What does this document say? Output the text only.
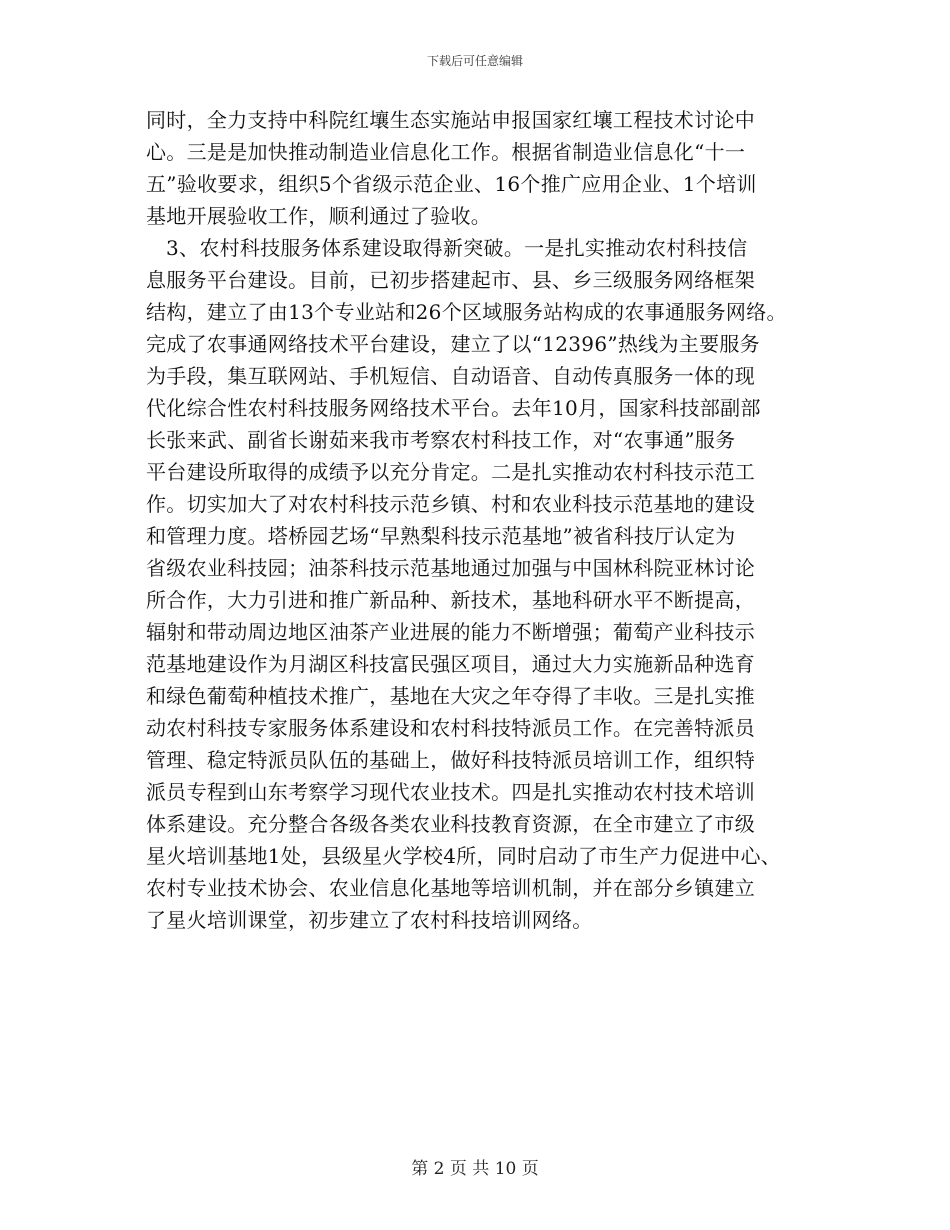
下载后可任意编辑
同时，全力支持中科院红壤生态实施站申报国家红壤工程技术讨论中
心。三是是加快推动制造业信息化工作。根据省制造业信息化“十一
五”验收要求，组织5个省级示范企业、16个推广应用企业、1个培训
基地开展验收工作，顺利通过了验收。
3、农村科技服务体系建设取得新突破。一是扎实推动农村科技信
息服务平台建设。目前，已初步搭建起市、县、乡三级服务网络框架
结构，建立了由13个专业站和26个区域服务站构成的农事通服务网络。
完成了农事通网络技术平台建设，建立了以“12396”热线为主要服务
为手段，集互联网站、手机短信、自动语音、自动传真服务一体的现
代化综合性农村科技服务网络技术平台。去年10月，国家科技部副部
长张来武、副省长谢茹来我市考察农村科技工作，对“农事通”服务
平台建设所取得的成绩予以充分肯定。二是扎实推动农村科技示范工
作。切实加大了对农村科技示范乡镇、村和农业科技示范基地的建设
和管理力度。塔桥园艺场“早熟梨科技示范基地”被省科技厅认定为
省级农业科技园；油茶科技示范基地通过加强与中国林科院亚林讨论
所合作，大力引进和推广新品种、新技术，基地科研水平不断提高，
辐射和带动周边地区油茶产业进展的能力不断增强；葡萄产业科技示
范基地建设作为月湖区科技富民强区项目，通过大力实施新品种选育
和绿色葡萄种植技术推广，基地在大灾之年夺得了丰收。三是扎实推
动农村科技专家服务体系建设和农村科技特派员工作。在完善特派员
管理、稳定特派员队伍的基础上，做好科技特派员培训工作，组织特
派员专程到山东考察学习现代农业技术。四是扎实推动农村技术培训
体系建设。充分整合各级各类农业科技教育资源，在全市建立了市级
星火培训基地1处，县级星火学校4所，同时启动了市生产力促进中心、
农村专业技术协会、农业信息化基地等培训机制，并在部分乡镇建立
了星火培训课堂，初步建立了农村科技培训网络。
第 2 页 共 10 页
